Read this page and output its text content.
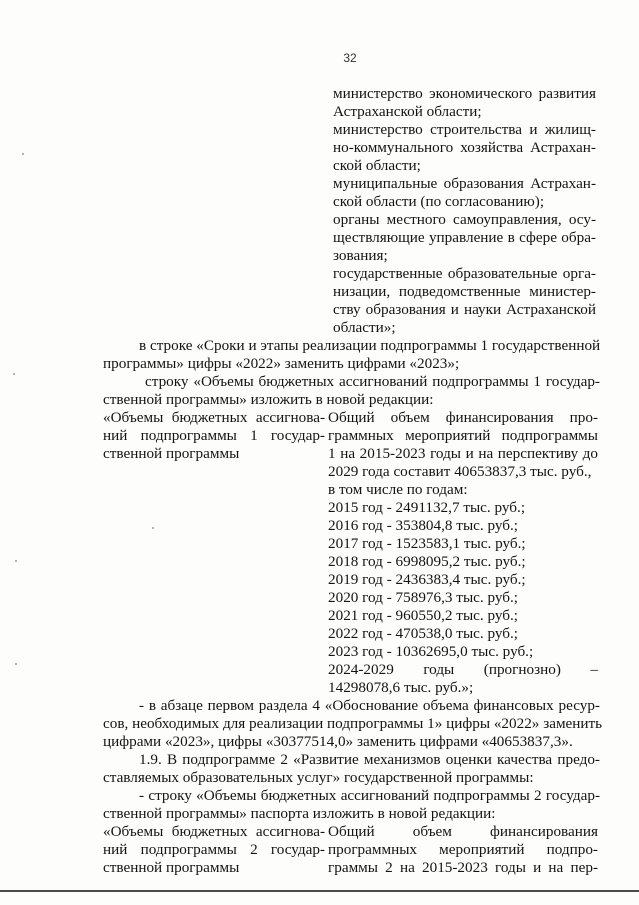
32
министерство экономического развития
Астраханской области;
министерство строительства и жилищ-
но-коммунального хозяйства Астрахан-
ской области;
муниципальные образования Астрахан-
ской области (по согласованию);
органы местного самоуправления, осу-
ществляющие управление в сфере обра-
зования;
государственные образовательные орга-
низации, подведомственные министер-
ству образования и науки Астраханской
области»;
в строке «Сроки и этапы реализации подпрограммы 1 государственной
программы» цифры «2022» заменить цифрами «2023»;
строку «Объемы бюджетных ассигнований подпрограммы 1 государ-
ственной программы» изложить в новой редакции:
«Объемы бюджетных ассигнова-
ний подпрограммы 1 государ-
ственной программы
Общий объем финансирования про-
граммных мероприятий подпрограммы
1 на 2015-2023 годы и на перспективу до
2029 года составит 40653837,3 тыс. руб.,
в том числе по годам:
2015 год - 2491132,7 тыс. руб.;
2016 год - 353804,8 тыс. руб.;
2017 год - 1523583,1 тыс. руб.;
2018 год - 6998095,2 тыс. руб.;
2019 год - 2436383,4 тыс. руб.;
2020 год - 758976,3 тыс. руб.;
2021 год - 960550,2 тыс. руб.;
2022 год - 470538,0 тыс. руб.;
2023 год - 10362695,0 тыс. руб.;
2024-2029 годы (прогнозно) –
14298078,6 тыс. руб.»;
- в абзаце первом раздела 4 «Обоснование объема финансовых ресур-
сов, необходимых для реализации подпрограммы 1» цифры «2022» заменить
цифрами «2023», цифры «30377514,0» заменить цифрами «40653837,3».
1.9. В подпрограмме 2 «Развитие механизмов оценки качества предо-
ставляемых образовательных услуг» государственной программы:
- строку «Объемы бюджетных ассигнований подпрограммы 2 государ-
ственной программы» паспорта изложить в новой редакции:
«Объемы бюджетных ассигнова-
ний подпрограммы 2 государ-
ственной программы
Общий объем финансирования
программных мероприятий подпро-
граммы 2 на 2015-2023 годы и на пер-
